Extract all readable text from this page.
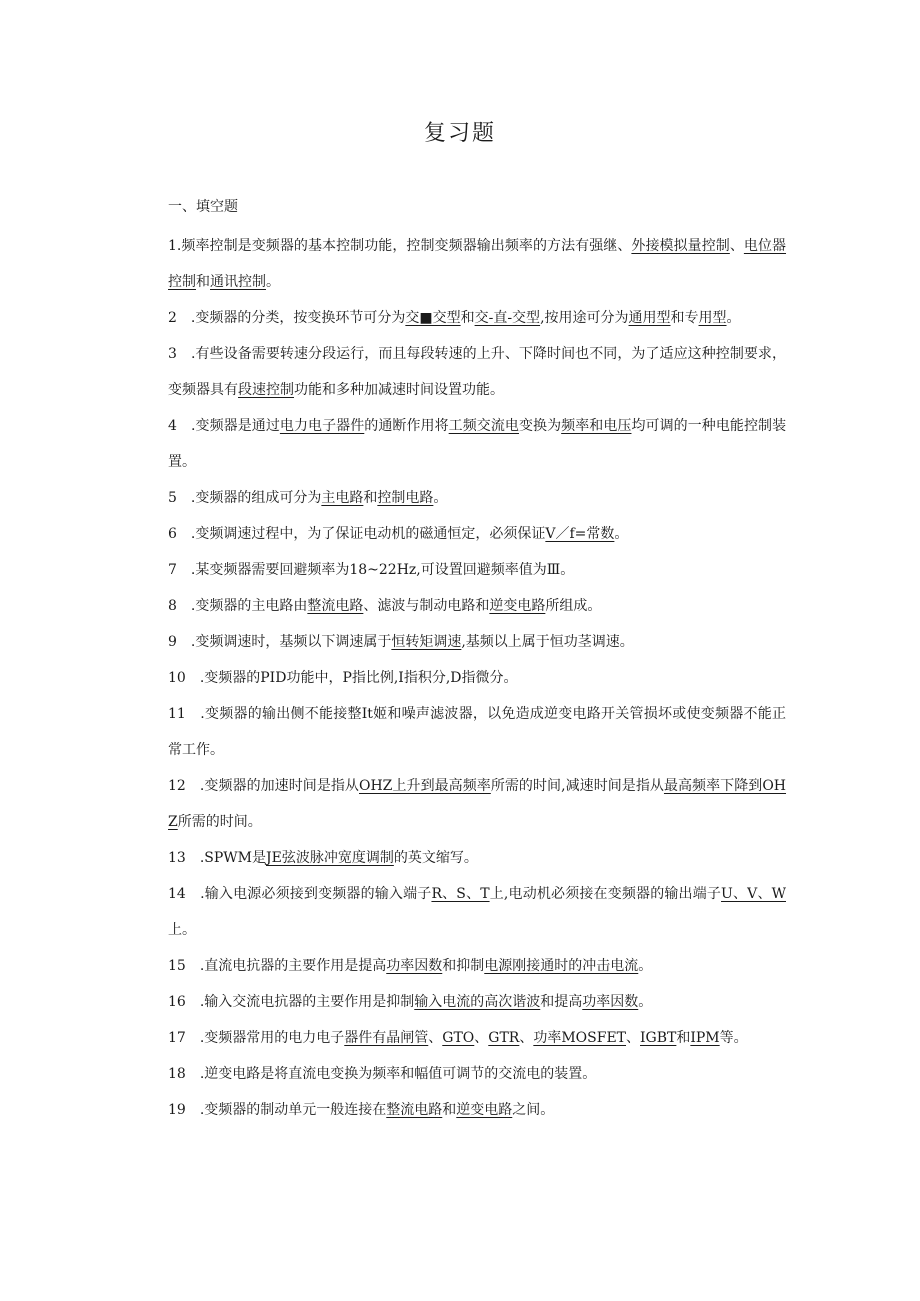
复习题
一、填空题

1.频率控制是变频器的基本控制功能，控制变频器输出频率的方法有强继、外接模拟量控制、电位器控制和通讯控制。

2　.变频器的分类，按变换环节可分为交■交型和交-直-交型,按用途可分为通用型和专用型。

3　.有些设备需要转速分段运行，而且每段转速的上升、下降时间也不同，为了适应这种控制要求，变频器具有段速控制功能和多种加减速时间设置功能。

4　.变频器是通过电力电子器件的通断作用将工频交流电变换为频率和电压均可调的一种电能控制装置。

5　.变频器的组成可分为主电路和控制电路。

6　.变频调速过程中，为了保证电动机的磁通恒定，必须保证V／f=常数。

7　.某变频器需要回避频率为18~22Hz,可设置回避频率值为Ⅲ。

8　.变频器的主电路由整流电路、滤波与制动电路和逆变电路所组成。

9　.变频调速时，基频以下调速属于恒转矩调速,基频以上属于恒功茎调速。

10　.变频器的PID功能中，P指比例,I指积分,D指微分。

11　.变频器的输出侧不能接整It姬和噪声滤波器，以免造成逆变电路开关管损坏或使变频器不能正常工作。

12　.变频器的加速时间是指从OHZ上升到最高频率所需的时间,减速时间是指从最高频率下降到OHZ所需的时间。

13　.SPWM是JE弦波脉冲宽度调制的英文缩写。

14　.输入电源必须接到变频器的输入端子R、S、T上,电动机必须接在变频器的输出端子U、V、W上。

15　.直流电抗器的主要作用是提高功率因数和抑制电源刚接通时的冲击电流。

16　.输入交流电抗器的主要作用是抑制输入电流的高次谐波和提高功率因数。

17　.变频器常用的电力电子器件有晶闸管、GTO、GTR、功率MOSFET、IGBT和IPM等。

18　.逆变电路是将直流电变换为频率和幅值可调节的交流电的装置。

19　.变频器的制动单元一般连接在整流电路和逆变电路之间。
